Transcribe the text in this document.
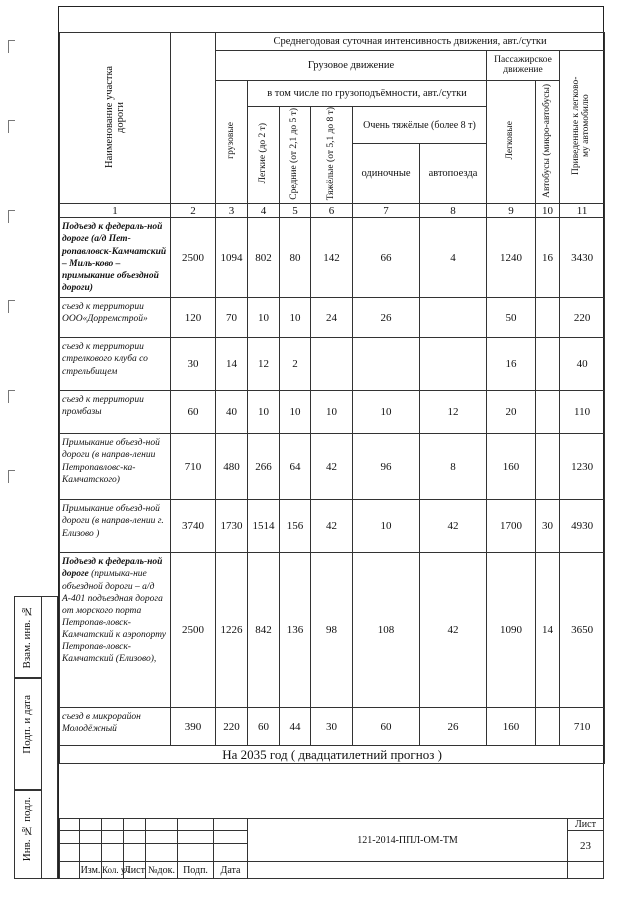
Взам. инв. №
Подп. и дата
Инв. № подл.
Наименование участка дороги		Среднегодовая суточная интенсивность движения, авт./сутки								
		Грузовое движение						Пассажирское движение		Приведенные к легково-му автомобилю
		грузовые	в том числе по грузоподъёмности, авт./сутки					Легковые	Автобусы (микро-автобусы)	
			Легкие (до 2 т)	Средние (от 2,1 до 5 т)	Тяжёлые (от 5,1 до 8 т)	Очень тяжёлые (более 8 т)				
						одиночные	автопоезда			
1	2	3	4	5	6	7	8	9	10	11
Подъезд к федераль-ной дороге (а/д Пет-ропавловск-Камчатский – Миль-ково – примыкание объездной дороги)	2500	1094	802	80	142	66	4	1240	16	3430
съезд к территории ООО«Дорремстрой»	120	70	10	10	24	26		50		220
съезд к территории стрелкового клуба со стрельбищем	30	14	12	2				16		40
съезд к территории промбазы	60	40	10	10	10	10	12	20		110
Примыкание объезд-ной дороги (в направ-лении Петропавловс-ка-Камчатского)	710	480	266	64	42	96	8	160		1230
Примыкание объезд-ной дороги (в направ-лении г. Елизово )	3740	1730	1514	156	42	10	42	1700	30	4930
Подъезд к федераль-ной дороге (примыка-ние объездной дороги – а/д А-401 подъездная дорога от морского порта Петропав-ловск-Камчатский к аэропорту Петропав-ловск-Камчатский (Елизово),	2500	1226	842	136	98	108	42	1090	14	3650
съезд в микрорайон Молодёжный	390	220	60	44	30	60	26	160		710
На 2035 год ( двадцатилетний прогноз )										
							121-2014-ППЛ-ОМ-ТМ	Лист
								23

	Изм.	Кол. уч	Лист	№док.	Подп.	Дата		
